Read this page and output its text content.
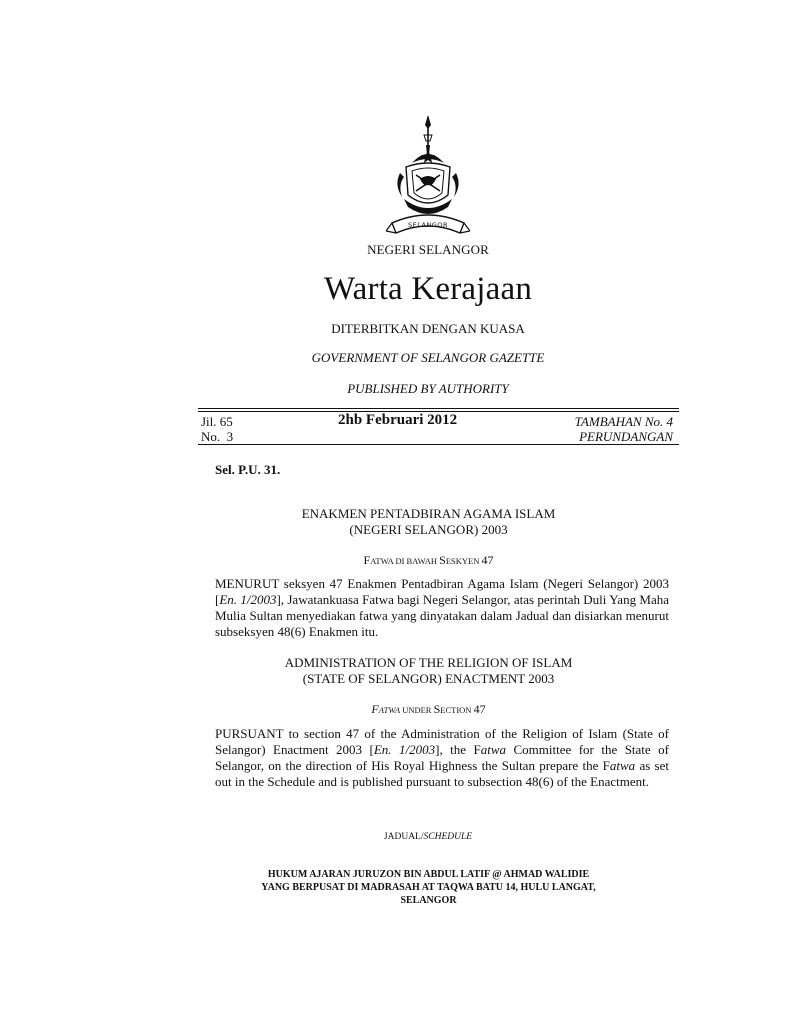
SELANGOR
NEGERI SELANGOR
Warta Kerajaan
DITERBITKAN DENGAN KUASA
GOVERNMENT OF SELANGOR GAZETTE
PUBLISHED BY AUTHORITY
Jil. 65
No.  3
2hb Februari 2012	TAMBAHAN No. 4
PERUNDANGAN
Sel. P.U. 31.
ENAKMEN PENTADBIRAN AGAMA ISLAM
(NEGERI SELANGOR) 2003
FATWA DI BAWAH SESKYEN 47
MENURUT seksyen 47 Enakmen Pentadbiran Agama Islam (Negeri Selangor) 2003 [En. 1/2003], Jawatankuasa Fatwa bagi Negeri Selangor, atas perintah Duli Yang Maha Mulia Sultan menyediakan fatwa yang dinyatakan dalam Jadual dan disiarkan menurut subseksyen 48(6) Enakmen itu.
ADMINISTRATION OF THE RELIGION OF ISLAM
(STATE OF SELANGOR) ENACTMENT 2003
FATWA UNDER SECTION 47
PURSUANT to section 47 of the Administration of the Religion of Islam (State of Selangor) Enactment 2003 [En. 1/2003], the Fatwa Committee for the State of Selangor, on the direction of His Royal Highness the Sultan prepare the Fatwa as set out in the Schedule and is published pursuant to subsection 48(6) of the Enactment.
JADUAL/SCHEDULE
HUKUM AJARAN JURUZON BIN ABDUL LATIF @ AHMAD WALIDIE
YANG BERPUSAT DI MADRASAH AT TAQWA BATU 14, HULU LANGAT,
SELANGOR
